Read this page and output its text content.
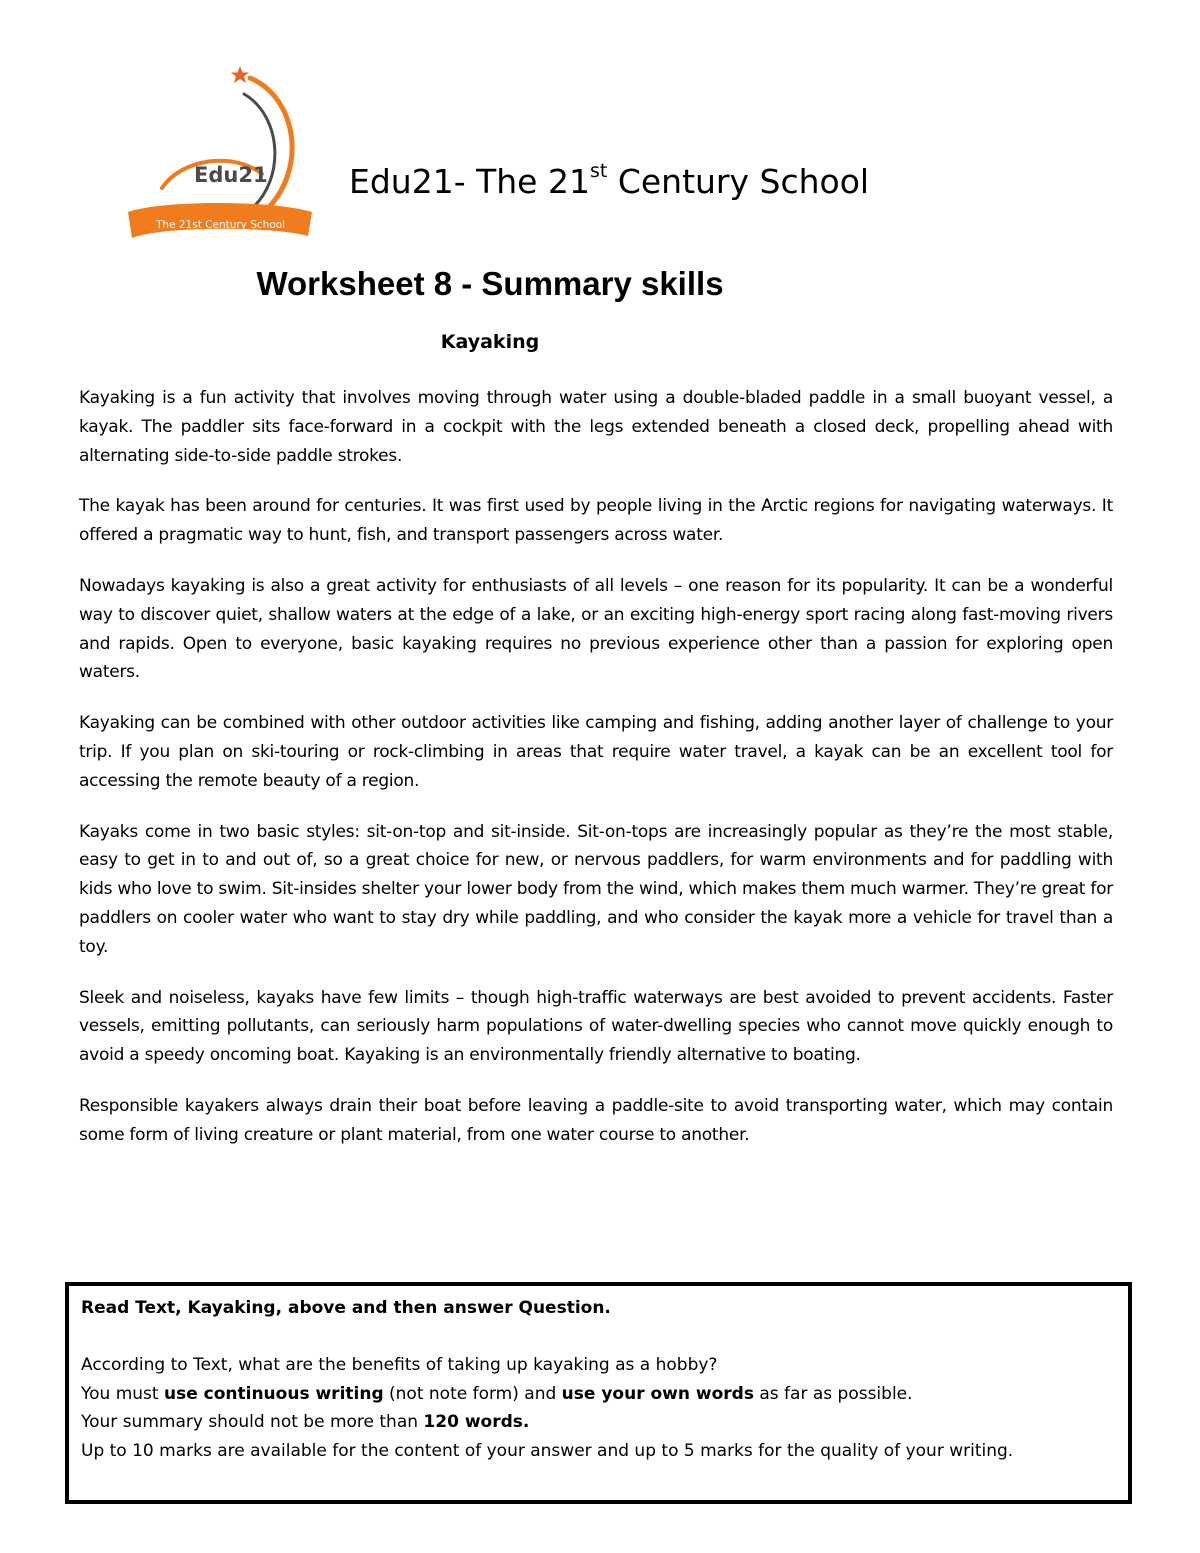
Edu21
The 21st Century School
Edu21- The 21st Century School
Worksheet 8 - Summary skills
Kayaking

Kayaking is a fun activity that involves moving through water using a double-bladed paddle in a small buoyant vessel, a kayak. The paddler sits face-forward in a cockpit with the legs extended beneath a closed deck, propelling ahead with alternating side-to-side paddle strokes.

The kayak has been around for centuries. It was first used by people living in the Arctic regions for navigating waterways. It offered a pragmatic way to hunt, fish, and transport passengers across water.

Nowadays kayaking is also a great activity for enthusiasts of all levels – one reason for its popularity. It can be a wonderful way to discover quiet, shallow waters at the edge of a lake, or an exciting high-energy sport racing along fast-moving rivers and rapids. Open to everyone, basic kayaking requires no previous experience other than a passion for exploring open waters.

Kayaking can be combined with other outdoor activities like camping and fishing, adding another layer of challenge to your trip. If you plan on ski-touring or rock-climbing in areas that require water travel, a kayak can be an excellent tool for accessing the remote beauty of a region.

Kayaks come in two basic styles: sit-on-top and sit-inside. Sit-on-tops are increasingly popular as they’re the most stable, easy to get in to and out of, so a great choice for new, or nervous paddlers, for warm environments and for paddling with kids who love to swim. Sit-insides shelter your lower body from the wind, which makes them much warmer. They’re great for paddlers on cooler water who want to stay dry while paddling, and who consider the kayak more a vehicle for travel than a toy.

Sleek and noiseless, kayaks have few limits – though high-traffic waterways are best avoided to prevent accidents. Faster vessels, emitting pollutants, can seriously harm populations of water-dwelling species who cannot move quickly enough to avoid a speedy oncoming boat. Kayaking is an environmentally friendly alternative to boating.

Responsible kayakers always drain their boat before leaving a paddle-site to avoid transporting water, which may contain some form of living creature or plant material, from one water course to another.

Read Text, Kayaking, above and then answer Question.

According to Text, what are the benefits of taking up kayaking as a hobby?

You must use continuous writing (not note form) and use your own words as far as possible.

Your summary should not be more than 120 words.

Up to 10 marks are available for the content of your answer and up to 5 marks for the quality of your writing.
